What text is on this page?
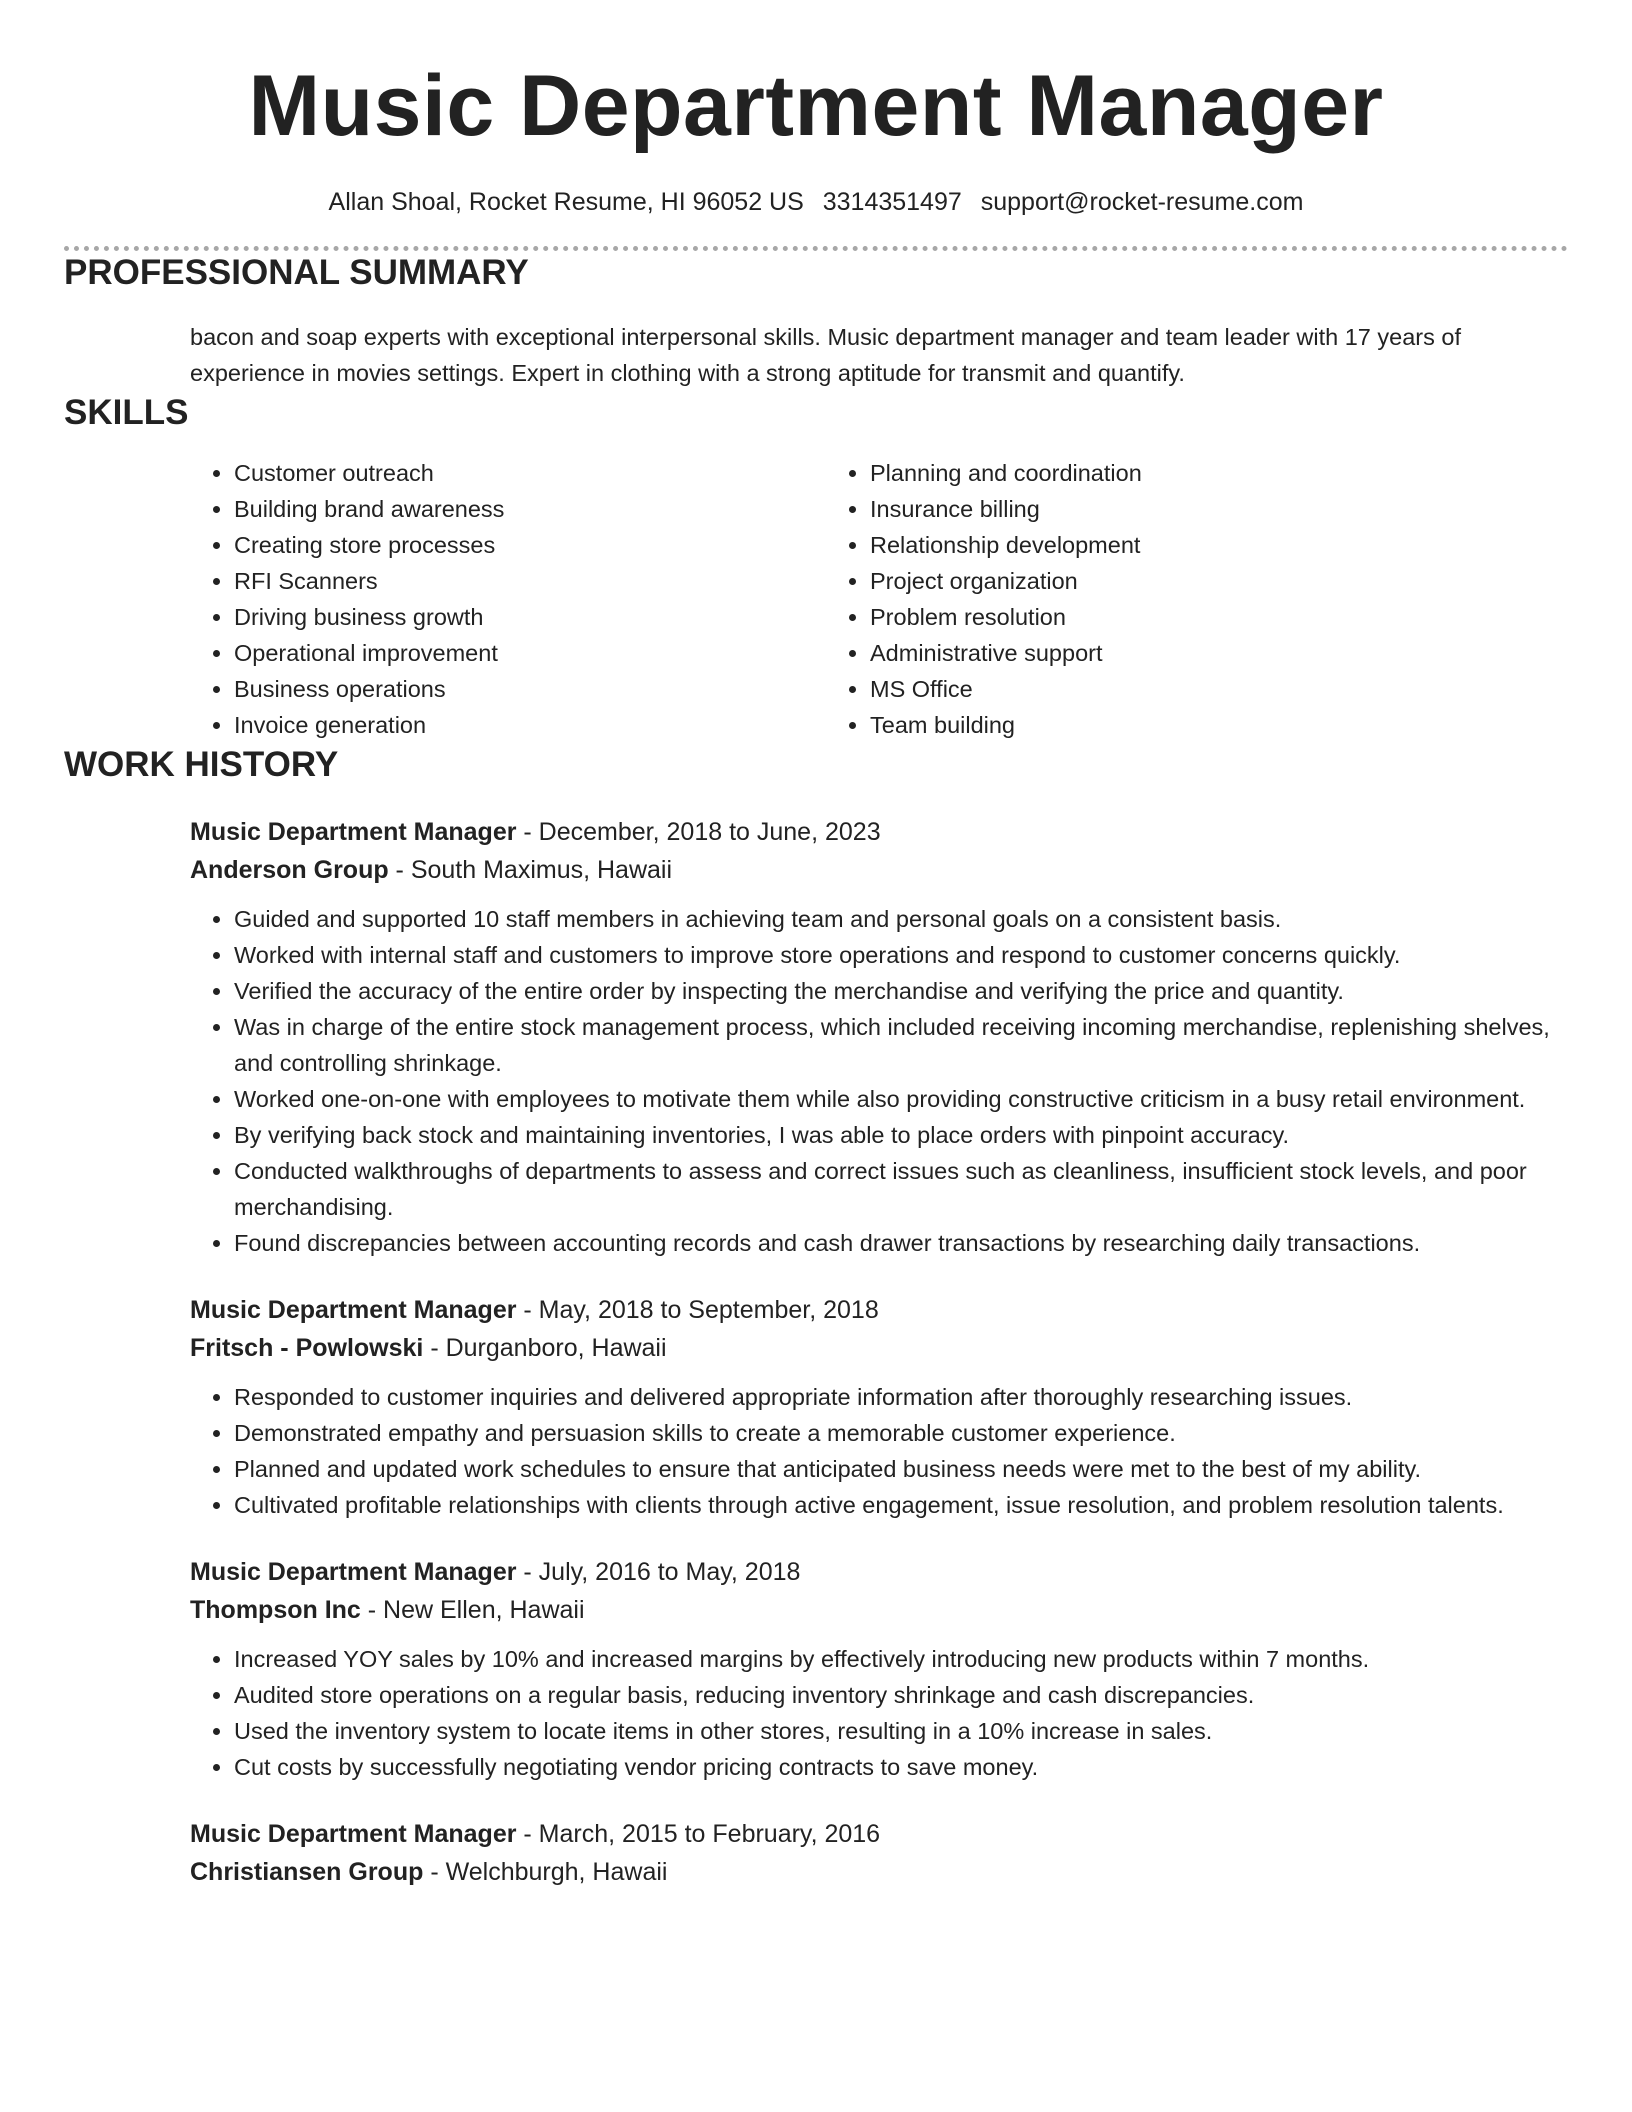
Music Department Manager
Allan Shoal, Rocket Resume, HI 96052 US 3314351497 support@rocket-resume.com
PROFESSIONAL SUMMARY

bacon and soap experts with exceptional interpersonal skills. Music department manager and team leader with 17 years of experience in movies settings. Expert in clothing with a strong aptitude for transmit and quantify.

SKILLS
• Customer outreach
• Building brand awareness
• Creating store processes
• RFI Scanners
• Driving business growth
• Operational improvement
• Business operations
• Invoice generation
• Planning and coordination
• Insurance billing
• Relationship development
• Project organization
• Problem resolution
• Administrative support
• MS Office
• Team building
WORK HISTORY
Music Department Manager - December, 2018 to June, 2023
Anderson Group - South Maximus, Hawaii
• Guided and supported 10 staff members in achieving team and personal goals on a consistent basis.
• Worked with internal staff and customers to improve store operations and respond to customer concerns quickly.
• Verified the accuracy of the entire order by inspecting the merchandise and verifying the price and quantity.
• Was in charge of the entire stock management process, which included receiving incoming merchandise, replenishing shelves, and controlling shrinkage.
• Worked one-on-one with employees to motivate them while also providing constructive criticism in a busy retail environment.
• By verifying back stock and maintaining inventories, I was able to place orders with pinpoint accuracy.
• Conducted walkthroughs of departments to assess and correct issues such as cleanliness, insufficient stock levels, and poor merchandising.
• Found discrepancies between accounting records and cash drawer transactions by researching daily transactions.
Music Department Manager - May, 2018 to September, 2018
Fritsch - Powlowski - Durganboro, Hawaii
• Responded to customer inquiries and delivered appropriate information after thoroughly researching issues.
• Demonstrated empathy and persuasion skills to create a memorable customer experience.
• Planned and updated work schedules to ensure that anticipated business needs were met to the best of my ability.
• Cultivated profitable relationships with clients through active engagement, issue resolution, and problem resolution talents.
Music Department Manager - July, 2016 to May, 2018
Thompson Inc - New Ellen, Hawaii
• Increased YOY sales by 10% and increased margins by effectively introducing new products within 7 months.
• Audited store operations on a regular basis, reducing inventory shrinkage and cash discrepancies.
• Used the inventory system to locate items in other stores, resulting in a 10% increase in sales.
• Cut costs by successfully negotiating vendor pricing contracts to save money.
Music Department Manager - March, 2015 to February, 2016
Christiansen Group - Welchburgh, Hawaii
